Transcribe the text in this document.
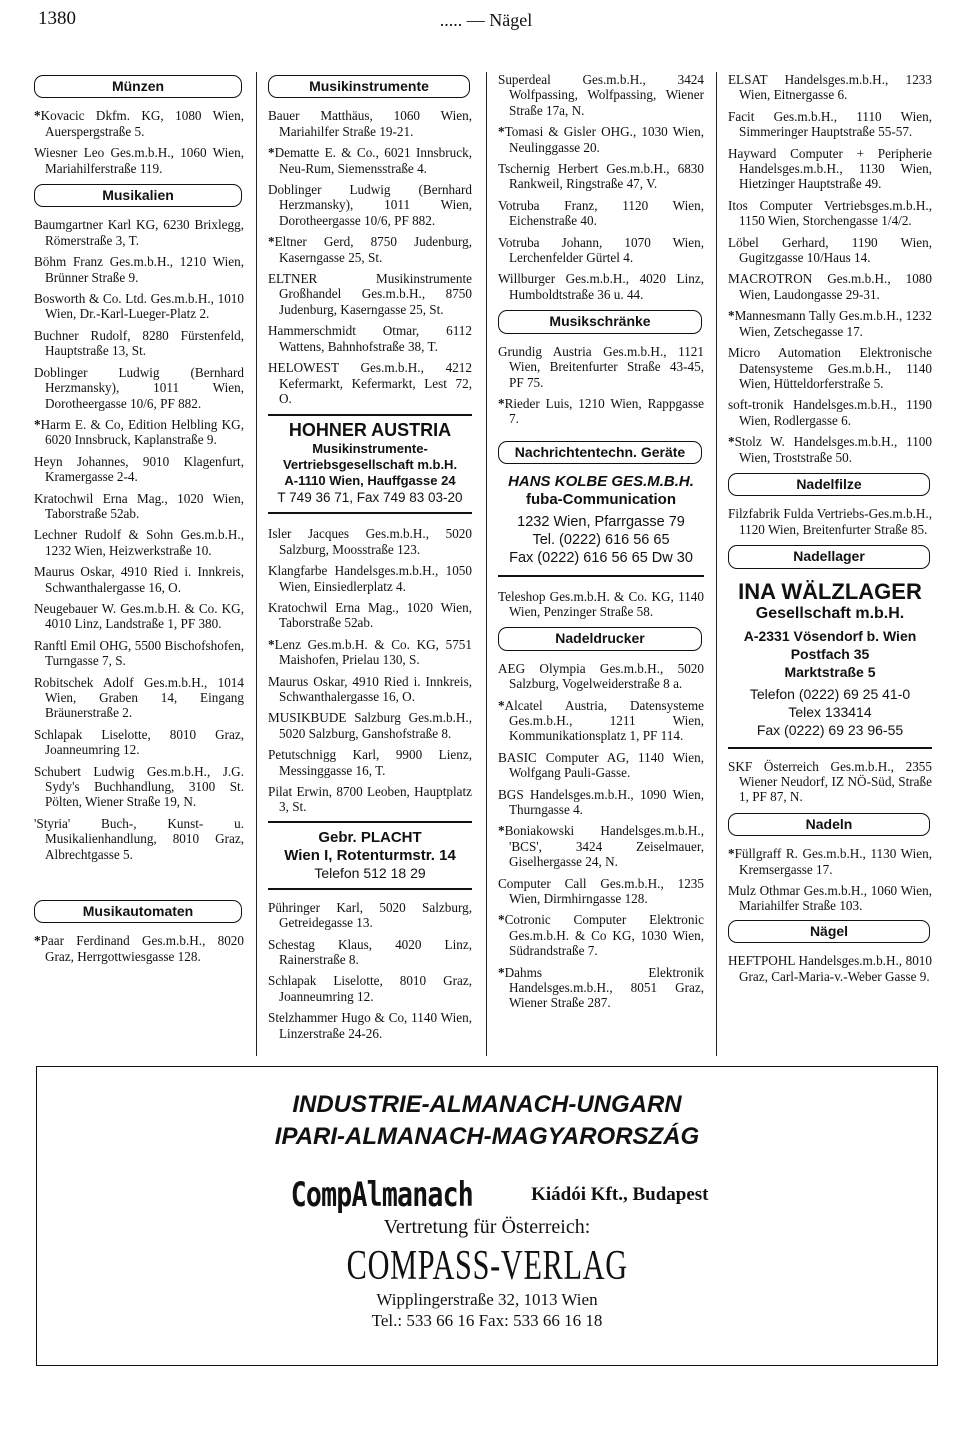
1380	..... — Nägel
Münzen
*Kovacic Dkfm. KG, 1080 Wien, Auerspergstraße 5.
Wiesner Leo Ges.m.b.H., 1060 Wien, Mariahilferstraße 119.
Musikalien
Baumgartner Karl KG, 6230 Brixlegg, Römerstraße 3, T.
Böhm Franz Ges.m.b.H., 1210 Wien, Brünner Straße 9.
Bosworth & Co. Ltd. Ges.m.b.H., 1010 Wien, Dr.-Karl-Lueger-Platz 2.
Buchner Rudolf, 8280 Fürstenfeld, Hauptstraße 13, St.
Doblinger Ludwig (Bernhard Herzmansky), 1011 Wien, Dorotheergasse 10/6, PF 882.
*Harm E. & Co, Edition Helbling KG, 6020 Innsbruck, Kaplanstraße 9.
Heyn Johannes, 9010 Klagenfurt, Kramergasse 2-4.
Kratochwil Erna Mag., 1020 Wien, Taborstraße 52ab.
Lechner Rudolf & Sohn Ges.m.b.H., 1232 Wien, Heizwerkstraße 10.
Maurus Oskar, 4910 Ried i. Innkreis, Schwanthalergasse 16, O.
Neugebauer W. Ges.m.b.H. & Co. KG, 4010 Linz, Landstraße 1, PF 380.
Ranftl Emil OHG, 5500 Bischofshofen, Turngasse 7, S.
Robitschek Adolf Ges.m.b.H., 1014 Wien, Graben 14, Eingang Bräunerstraße 2.
Schlapak Liselotte, 8010 Graz, Joanneumring 12.
Schubert Ludwig Ges.m.b.H., J.G. Sydy's Buchhandlung, 3100 St. Pölten, Wiener Straße 19, N.
'Styria' Buch-, Kunst- u. Musikalienhandlung, 8010 Graz, Albrechtgasse 5.
Musikautomaten
*Paar Ferdinand Ges.m.b.H., 8020 Graz, Herrgottwiesgasse 128.
Musikinstrumente
Bauer Matthäus, 1060 Wien, Mariahilfer Straße 19-21.
*Dematte E. & Co., 6021 Innsbruck, Neu-Rum, Siemensstraße 4.
Doblinger Ludwig (Bernhard Herzmansky), 1011 Wien, Dorotheergasse 10/6, PF 882.
*Eltner Gerd, 8750 Judenburg, Kaserngasse 25, St.
ELTNER Musikinstrumente Großhandel Ges.m.b.H., 8750 Judenburg, Kaserngasse 25, St.
Hammerschmidt Otmar, 6112 Wattens, Bahnhofstraße 38, T.
HELOWEST Ges.m.b.H., 4212 Kefermarkt, Kefermarkt, Lest 72, O.
HOHNER AUSTRIA
Musikinstrumente-Vertriebsgesellschaft m.b.H.
A-1110 Wien, Hauffgasse 24
T 749 36 71, Fax 749 83 03-20
Isler Jacques Ges.m.b.H., 5020 Salzburg, Moosstraße 123.
Klangfarbe Handelsges.m.b.H., 1050 Wien, Einsiedlerplatz 4.
Kratochwil Erna Mag., 1020 Wien, Taborstraße 52ab.
*Lenz Ges.m.b.H. & Co. KG, 5751 Maishofen, Prielau 130, S.
Maurus Oskar, 4910 Ried i. Innkreis, Schwanthalergasse 16, O.
MUSIKBUDE Salzburg Ges.m.b.H., 5020 Salzburg, Ganshofstraße 8.
Petutschnigg Karl, 9900 Lienz, Messinggasse 16, T.
Pilat Erwin, 8700 Leoben, Hauptplatz 3, St.
Gebr. PLACHT
Wien I, Rotenturmstr. 14
Telefon 512 18 29
Pühringer Karl, 5020 Salzburg, Getreidegasse 13.
Schestag Klaus, 4020 Linz, Rainerstraße 8.
Schlapak Liselotte, 8010 Graz, Joanneumring 12.
Stelzhammer Hugo & Co, 1140 Wien, Linzerstraße 24-26.
Superdeal Ges.m.b.H., 3424 Wolfpassing, Wolfpassing, Wiener Straße 17a, N.
*Tomasi & Gisler OHG., 1030 Wien, Neulinggasse 20.
Tschernig Herbert Ges.m.b.H., 6830 Rankweil, Ringstraße 47, V.
Votruba Franz, 1120 Wien, Eichenstraße 40.
Votruba Johann, 1070 Wien, Lerchenfelder Gürtel 4.
Willburger Ges.m.b.H., 4020 Linz, Humboldtstraße 36 u. 44.
Musikschränke
Grundig Austria Ges.m.b.H., 1121 Wien, Breitenfurter Straße 43-45, PF 75.
*Rieder Luis, 1210 Wien, Rappgasse 7.
Nachrichtentechn. Geräte
HANS KOLBE GES.M.B.H.
fuba-Communication
1232 Wien, Pfarrgasse 79
Tel. (0222) 616 56 65
Fax (0222) 616 56 65 Dw 30
Teleshop Ges.m.b.H. & Co. KG, 1140 Wien, Penzinger Straße 58.
Nadeldrucker
AEG Olympia Ges.m.b.H., 5020 Salzburg, Vogelweiderstraße 8 a.
*Alcatel Austria, Datensysteme Ges.m.b.H., 1211 Wien, Kommunikationsplatz 1, PF 114.
BASIC Computer AG, 1140 Wien, Wolfgang Pauli-Gasse.
BGS Handelsges.m.b.H., 1090 Wien, Thurngasse 4.
*Boniakowski Handelsges.m.b.H., 'BCS', 3424 Zeiselmauer, Giselhergasse 24, N.
Computer Call Ges.m.b.H., 1235 Wien, Dirmhirngasse 128.
*Cotronic Computer Elektronic Ges.m.b.H. & Co KG, 1030 Wien, Südrandstraße 7.
*Dahms Elektronik Handelsges.m.b.H., 8051 Graz, Wiener Straße 287.
ELSAT Handelsges.m.b.H., 1233 Wien, Eitnergasse 6.
Facit Ges.m.b.H., 1110 Wien, Simmeringer Hauptstraße 55-57.
Hayward Computer + Peripherie Handelsges.m.b.H., 1130 Wien, Hietzinger Hauptstraße 49.
Itos Computer Vertriebsges.m.b.H., 1150 Wien, Storchengasse 1/4/2.
Löbel Gerhard, 1190 Wien, Gugitzgasse 10/Haus 14.
MACROTRON Ges.m.b.H., 1080 Wien, Laudongasse 29-31.
*Mannesmann Tally Ges.m.b.H., 1232 Wien, Zetschegasse 17.
Micro Automation Elektronische Datensysteme Ges.m.b.H., 1140 Wien, Hütteldorferstraße 5.
soft-tronik Handelsges.m.b.H., 1190 Wien, Rodlergasse 6.
*Stolz W. Handelsges.m.b.H., 1100 Wien, Troststraße 50.
Nadelfilze
Filzfabrik Fulda Vertriebs-Ges.m.b.H., 1120 Wien, Breitenfurter Straße 85.
Nadellager
INA WÄLZLAGER
Gesellschaft m.b.H.
A-2331 Vösendorf b. Wien
Postfach 35
Marktstraße 5
Telefon (0222) 69 25 41-0
Telex 133414
Fax (0222) 69 23 96-55
SKF Österreich Ges.m.b.H., 2355 Wiener Neudorf, IZ NÖ-Süd, Straße 1, PF 87, N.
Nadeln
*Füllgraff R. Ges.m.b.H., 1130 Wien, Kremsergasse 17.
Mulz Othmar Ges.m.b.H., 1060 Wien, Mariahilfer Straße 103.
Nägel
HEFTPOHL Handelsges.m.b.H., 8010 Graz, Carl-Maria-v.-Weber Gasse 9.
INDUSTRIE-ALMANACH-UNGARN
IPARI-ALMANACH-MAGYARORSZÁG
CompAlmanach	Kiádói Kft., Budapest
Vertretung für Österreich:
COMPASS-VERLAG
Wipplingerstraße 32, 1013 Wien
Tel.: 533 66 16 Fax: 533 66 16 18
